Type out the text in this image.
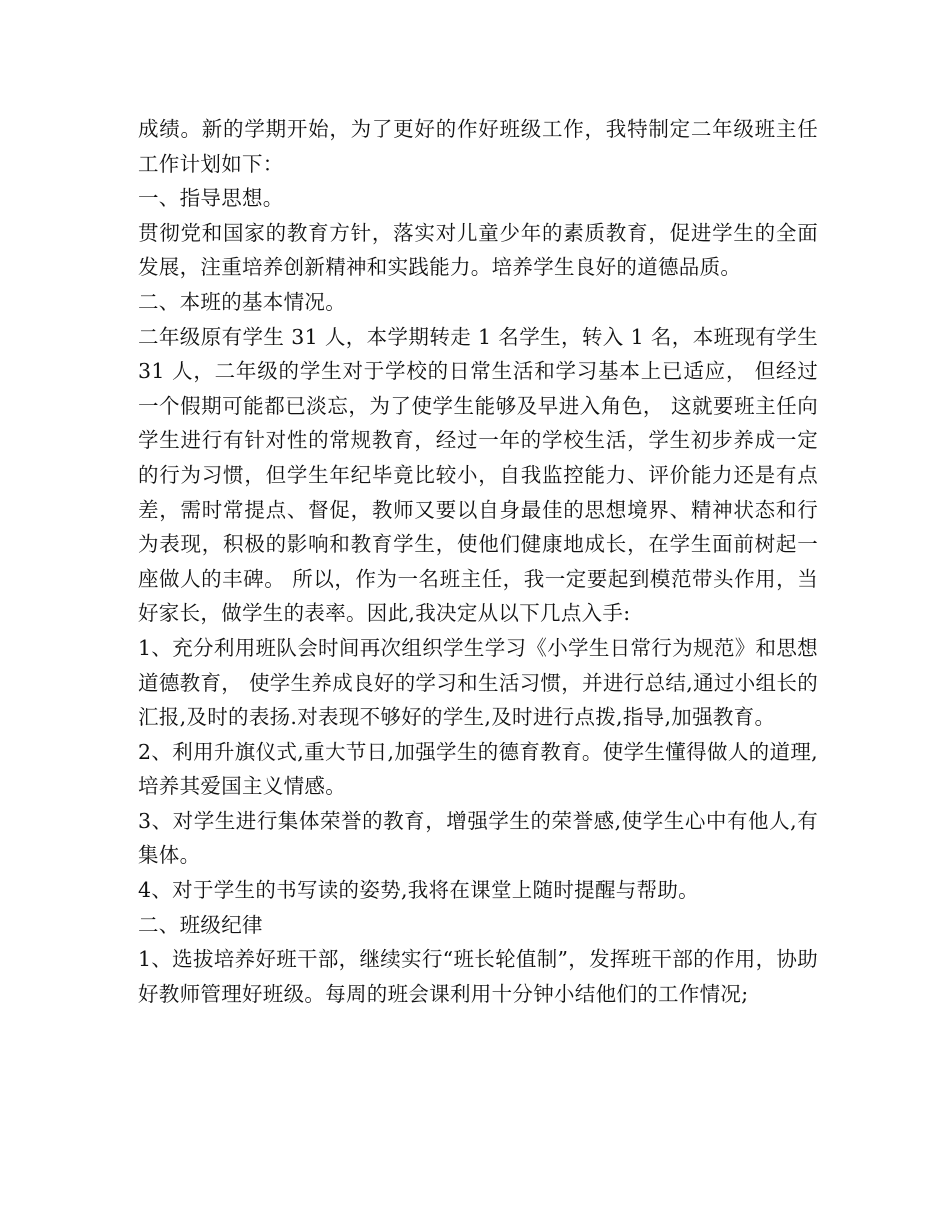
成绩。新的学期开始，为了更好的作好班级工作，我特制定二年级班主任工作计划如下：

一、指导思想。

贯彻党和国家的教育方针，落实对儿童少年的素质教育，促进学生的全面发展，注重培养创新精神和实践能力。培养学生良好的道德品质。

二、本班的基本情况。

二年级原有学生 31 人，本学期转走 1 名学生，转入 1 名，本班现有学生 31 人，二年级的学生对于学校的日常生活和学习基本上已适应， 但经过一个假期可能都已淡忘，为了使学生能够及早进入角色， 这就要班主任向学生进行有针对性的常规教育，经过一年的学校生活，学生初步养成一定的行为习惯，但学生年纪毕竟比较小，自我监控能力、评价能力还是有点差，需时常提点、督促，教师又要以自身最佳的思想境界、精神状态和行为表现，积极的影响和教育学生，使他们健康地成长，在学生面前树起一座做人的丰碑。 所以，作为一名班主任，我一定要起到模范带头作用，当好家长，做学生的表率。因此,我决定从以下几点入手:

1、充分利用班队会时间再次组织学生学习《小学生日常行为规范》和思想道德教育， 使学生养成良好的学习和生活习惯，并进行总结,通过小组长的汇报,及时的表扬.对表现不够好的学生,及时进行点拨,指导,加强教育。

2、利用升旗仪式,重大节日,加强学生的德育教育。使学生懂得做人的道理,培养其爱国主义情感。

3、对学生进行集体荣誉的教育，增强学生的荣誉感,使学生心中有他人,有集体。

4、对于学生的书写读的姿势,我将在课堂上随时提醒与帮助。

二、班级纪律

1、选拔培养好班干部，继续实行“班长轮值制”，发挥班干部的作用，协助好教师管理好班级。每周的班会课利用十分钟小结他们的工作情况;
